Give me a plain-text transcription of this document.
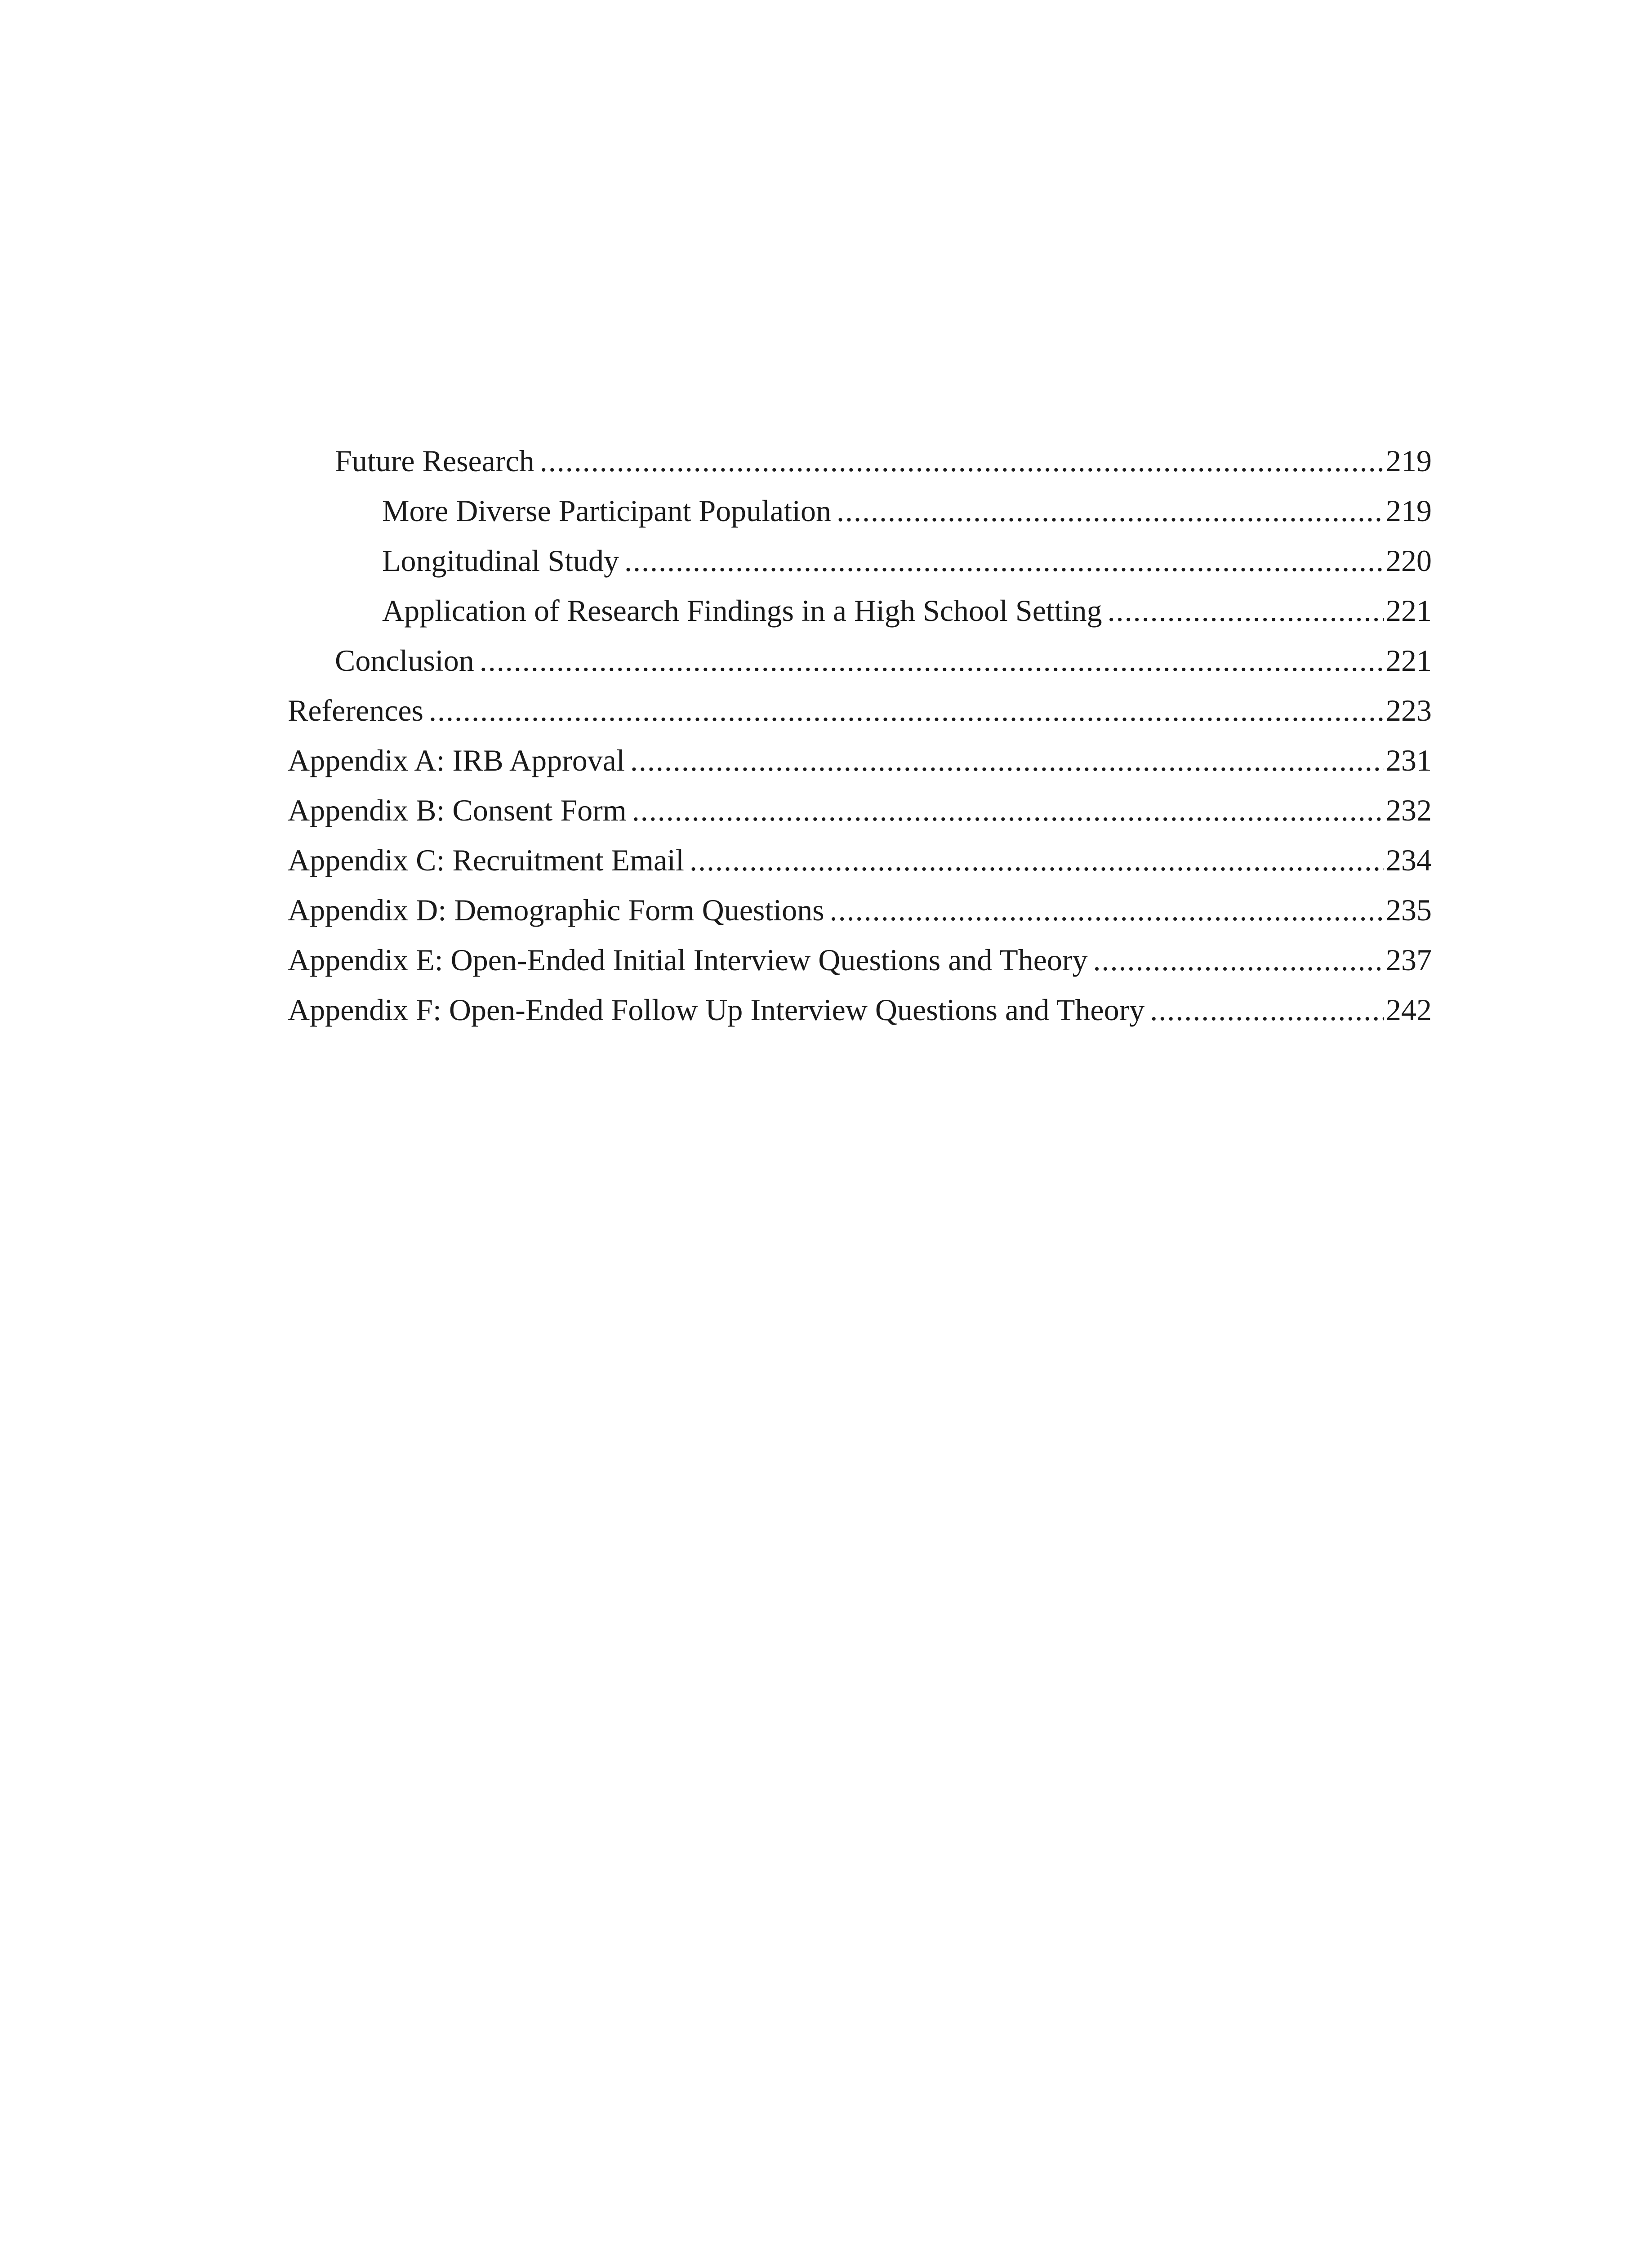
Future Research .....	219
More Diverse Participant Population .....	219
Longitudinal Study .....	220
Application of Research Findings in a High School Setting .....	221
Conclusion .....	221
References .....	223
Appendix A: IRB Approval .....	231
Appendix B: Consent Form .....	232
Appendix C: Recruitment Email .....	234
Appendix D: Demographic Form Questions .....	235
Appendix E: Open-Ended Initial Interview Questions and Theory .....	237
Appendix F: Open-Ended Follow Up Interview Questions and Theory .....	242
